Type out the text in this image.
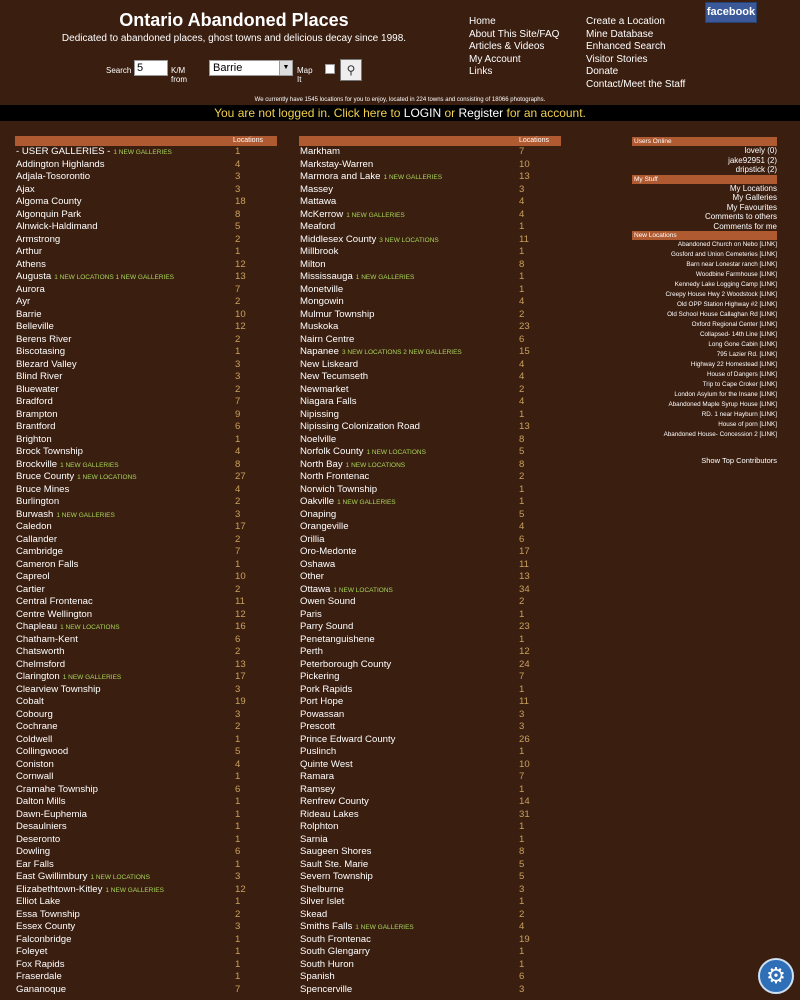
Ontario Abandoned Places
Dedicated to abandoned places, ghost towns and delicious decay since 1998.
Search
5	K/M from
Barrie	▼ Map It
⚲
Home
About This Site/FAQ
Articles & Videos
My Account
Links
Create a Location
Mine Database
Enhanced Search
Visitor Stories
Donate
Contact/Meet the Staff
facebook
We currently have 1545 locations for you to enjoy, located in 224 towns and consisting of 18066 photographs.
You are not logged in. Click here to LOGIN or Register for an account.
Locations
- USER GALLERIES - 1 NEW GALLERIES	1
Addington Highlands	4
Adjala-Tosorontio	3
Ajax	3
Algoma County	18
Algonquin Park	8
Alnwick-Haldimand	5
Armstrong	2
Arthur	1
Athens	12
Augusta 1 NEW LOCATIONS 1 NEW GALLERIES	13
Aurora	7
Ayr	2
Barrie	10
Belleville	12
Berens River	2
Biscotasing	1
Blezard Valley	3
Blind River	3
Bluewater	2
Bradford	7
Brampton	9
Brantford	6
Brighton	1
Brock Township	4
Brockville 1 NEW GALLERIES	8
Bruce County 1 NEW LOCATIONS	27
Bruce Mines	4
Burlington	2
Burwash 1 NEW GALLERIES	3
Caledon	17
Callander	2
Cambridge	7
Cameron Falls	1
Capreol	10
Cartier	2
Central Frontenac	11
Centre Wellington	12
Chapleau 1 NEW LOCATIONS	16
Chatham-Kent	6
Chatsworth	2
Chelmsford	13
Clarington 1 NEW GALLERIES	17
Clearview Township	3
Cobalt	19
Cobourg	3
Cochrane	2
Coldwell	1
Collingwood	5
Coniston	4
Cornwall	1
Cramahe Township	6
Dalton Mills	1
Dawn-Euphemia	1
Desaulniers	1
Deseronto	1
Dowling	6
Ear Falls	1
East Gwillimbury 1 NEW LOCATIONS	3
Elizabethtown-Kitley 1 NEW GALLERIES	12
Elliot Lake	1
Essa Township	2
Essex County	3
Falconbridge	1
Foleyet	1
Fox Rapids	1
Fraserdale	1
Gananoque	7
Locations
Markham	7
Markstay-Warren	10
Marmora and Lake 1 NEW GALLERIES	13
Massey	3
Mattawa	4
McKerrow 1 NEW GALLERIES	4
Meaford	1
Middlesex County 3 NEW LOCATIONS	11
Millbrook	1
Milton	8
Mississauga 1 NEW GALLERIES	1
Monetville	1
Mongowin	4
Mulmur Township	2
Muskoka	23
Nairn Centre	6
Napanee 3 NEW LOCATIONS 2 NEW GALLERIES	15
New Liskeard	4
New Tecumseth	4
Newmarket	2
Niagara Falls	4
Nipissing	1
Nipissing Colonization Road	13
Noelville	8
Norfolk County 1 NEW LOCATIONS	5
North Bay 1 NEW LOCATIONS	8
North Frontenac	2
Norwich Township	1
Oakville 1 NEW GALLERIES	1
Onaping	5
Orangeville	4
Orillia	6
Oro-Medonte	17
Oshawa	11
Other	13
Ottawa 1 NEW LOCATIONS	34
Owen Sound	2
Paris	1
Parry Sound	23
Penetanguishene	1
Perth	12
Peterborough County	24
Pickering	7
Pork Rapids	1
Port Hope	11
Powassan	3
Prescott	3
Prince Edward County	26
Puslinch	1
Quinte West	10
Ramara	7
Ramsey	1
Renfrew County	14
Rideau Lakes	31
Rolphton	1
Sarnia	1
Saugeen Shores	8
Sault Ste. Marie	5
Severn Township	5
Shelburne	3
Silver Islet	1
Skead	2
Smiths Falls 1 NEW GALLERIES	4
South Frontenac	19
South Glengarry	1
South Huron	1
Spanish	6
Spencerville	3
Users Online
lovely (0)
jake92951 (2)
dripstick (2)
My Stuff
My Locations
My Galleries
My Favourites
Comments to others
Comments for me
New Locations
Abandoned Church on Nebo [LINK]
Gosford and Union Cemeteries [LINK]
Barn near Lonestar ranch [LINK]
Woodbine Farmhouse [LINK]
Kennedy Lake Logging Camp [LINK]
Creepy House Hwy 2 Woodstock [LINK]
Old OPP Station Highway #2 [LINK]
Old School House Callaghan Rd [LINK]
Oxford Regional Center [LINK]
Collapsed- 14th Line [LINK]
Long Gone Cabin [LINK]
795 Lazier Rd. [LINK]
Highway 22 Homestead [LINK]
House of Dangers [LINK]
Trip to Cape Croker [LINK]
London Asylum for the Insane [LINK]
Abandoned Maple Syrup House [LINK]
RD. 1 near Hayburn [LINK]
House of porn [LINK]
Abandoned House- Concession 2 [LINK]
Show Top Contributors
⚙
